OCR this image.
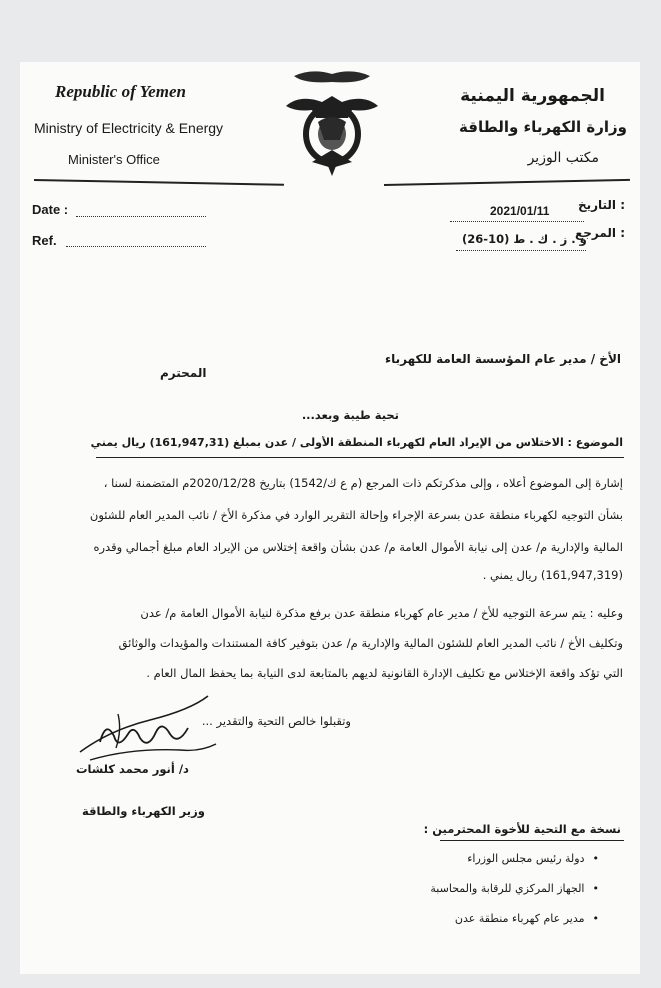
Republic of Yemen
Ministry of Electricity & Energy
Minister's Office
الجمهورية اليمنية
وزارة الكهرباء والطاقة
مكتب الوزير
Date :
Ref.
: التاريخ
2021/01/11
: المرجع
و . ز . ك . ط (10-26)
الأخ / مدير عام المؤسسة العامة للكهرباء
المحترم
تحية طيبة وبعد...
الموضوع : الاختلاس من الإيراد العام لكهرباء المنطقة الأولى / عدن بمبلغ (161,947,31) ريال يمني
إشارة إلى الموضوع أعلاه ، وإلى مذكرتكم ذات المرجع (م ع ك/1542) بتاريخ 2020/12/28م المتضمنة لسنا ،
بشأن التوجيه لكهرباء منطقة عدن بسرعة الإجراء وإحالة التقرير الوارد في مذكرة الأخ / نائب المدير العام للشئون
المالية والإدارية م/ عدن إلى نيابة الأموال العامة م/ عدن بشأن واقعة إختلاس من الإيراد العام مبلغ أجمالي وقدره
(161,947,319) ريال يمني .
وعليه : يتم سرعة التوجيه للأخ / مدير عام كهرباء منطقة عدن برفع مذكرة لنيابة الأموال العامة م/ عدن
وتكليف الأخ / نائب المدير العام للشئون المالية والإدارية م/ عدن بتوفير كافة المستندات والمؤيدات والوثائق
التي تؤكد واقعة الإختلاس مع تكليف الإدارة القانونية لديهم بالمتابعة لدى النيابة بما يحفظ المال العام .
وتقبلوا خالص التحية والتقدير ...
د/ أنور محمد كلشات
وزير الكهرباء والطاقة
نسخة مع التحية للأخوة المحترمين :
•دولة رئيس مجلس الوزراء
•الجهاز المركزي للرقابة والمحاسبة
•مدير عام كهرباء منطقة عدن
